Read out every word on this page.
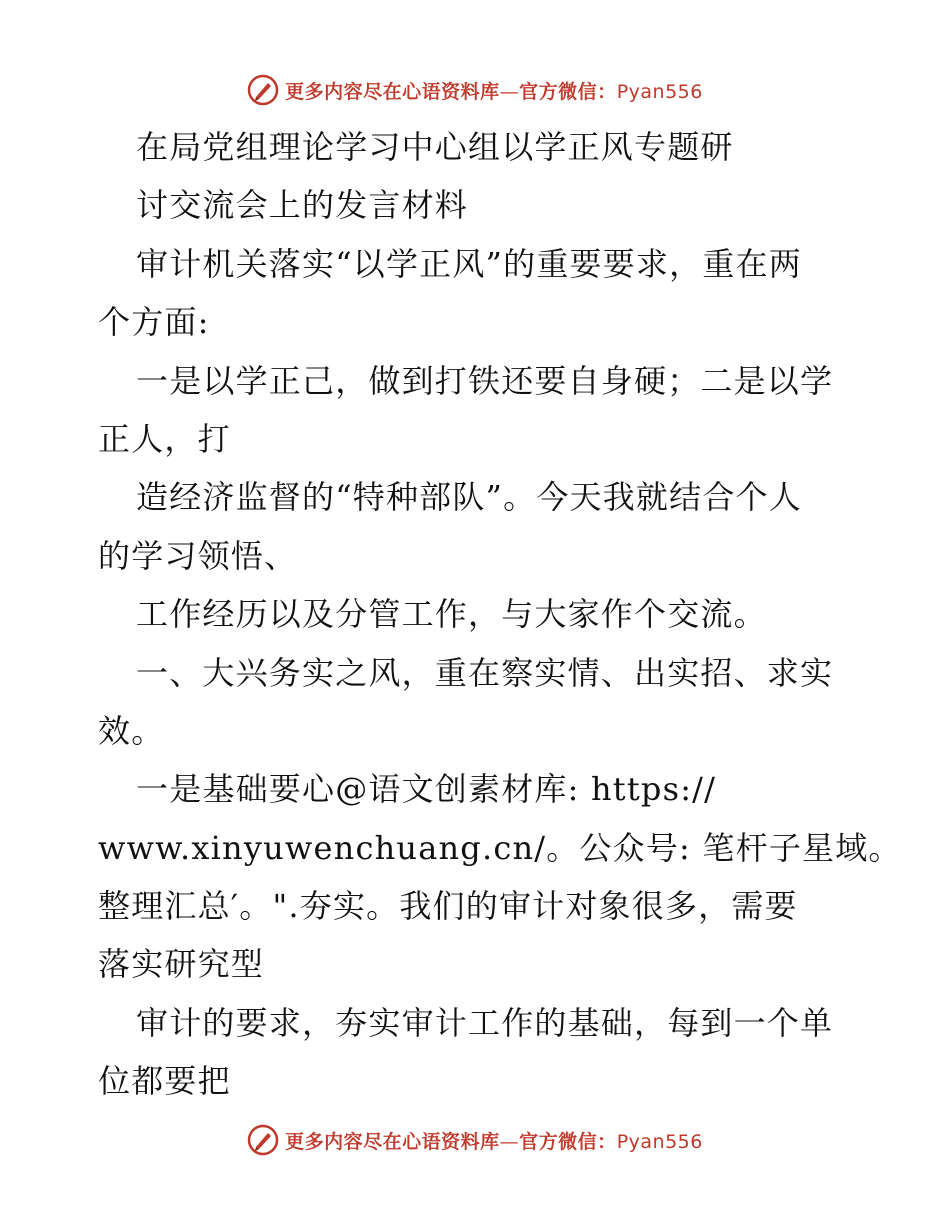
更多内容尽在心语资料库—官方微信：Pyan556

在局党组理论学习中心组以学正风专题研

讨交流会上的发言材料

审计机关落实“以学正风”的重要要求，重在两

个方面:

一是以学正己，做到打铁还要自身硬；二是以学

正人，打

造经济监督的“特种部队”。今天我就结合个人

的学习领悟、

工作经历以及分管工作，与大家作个交流。

一、大兴务实之风，重在察实情、出实招、求实

效。

一是基础要心@语文创素材库: https://

www.xinyuwenchuang.cn/。公众号: 笔杆子星域。

整理汇总′。".夯实。我们的审计对象很多，需要

落实研究型

审计的要求，夯实审计工作的基础，每到一个单

位都要把

更多内容尽在心语资料库—官方微信：Pyan556
